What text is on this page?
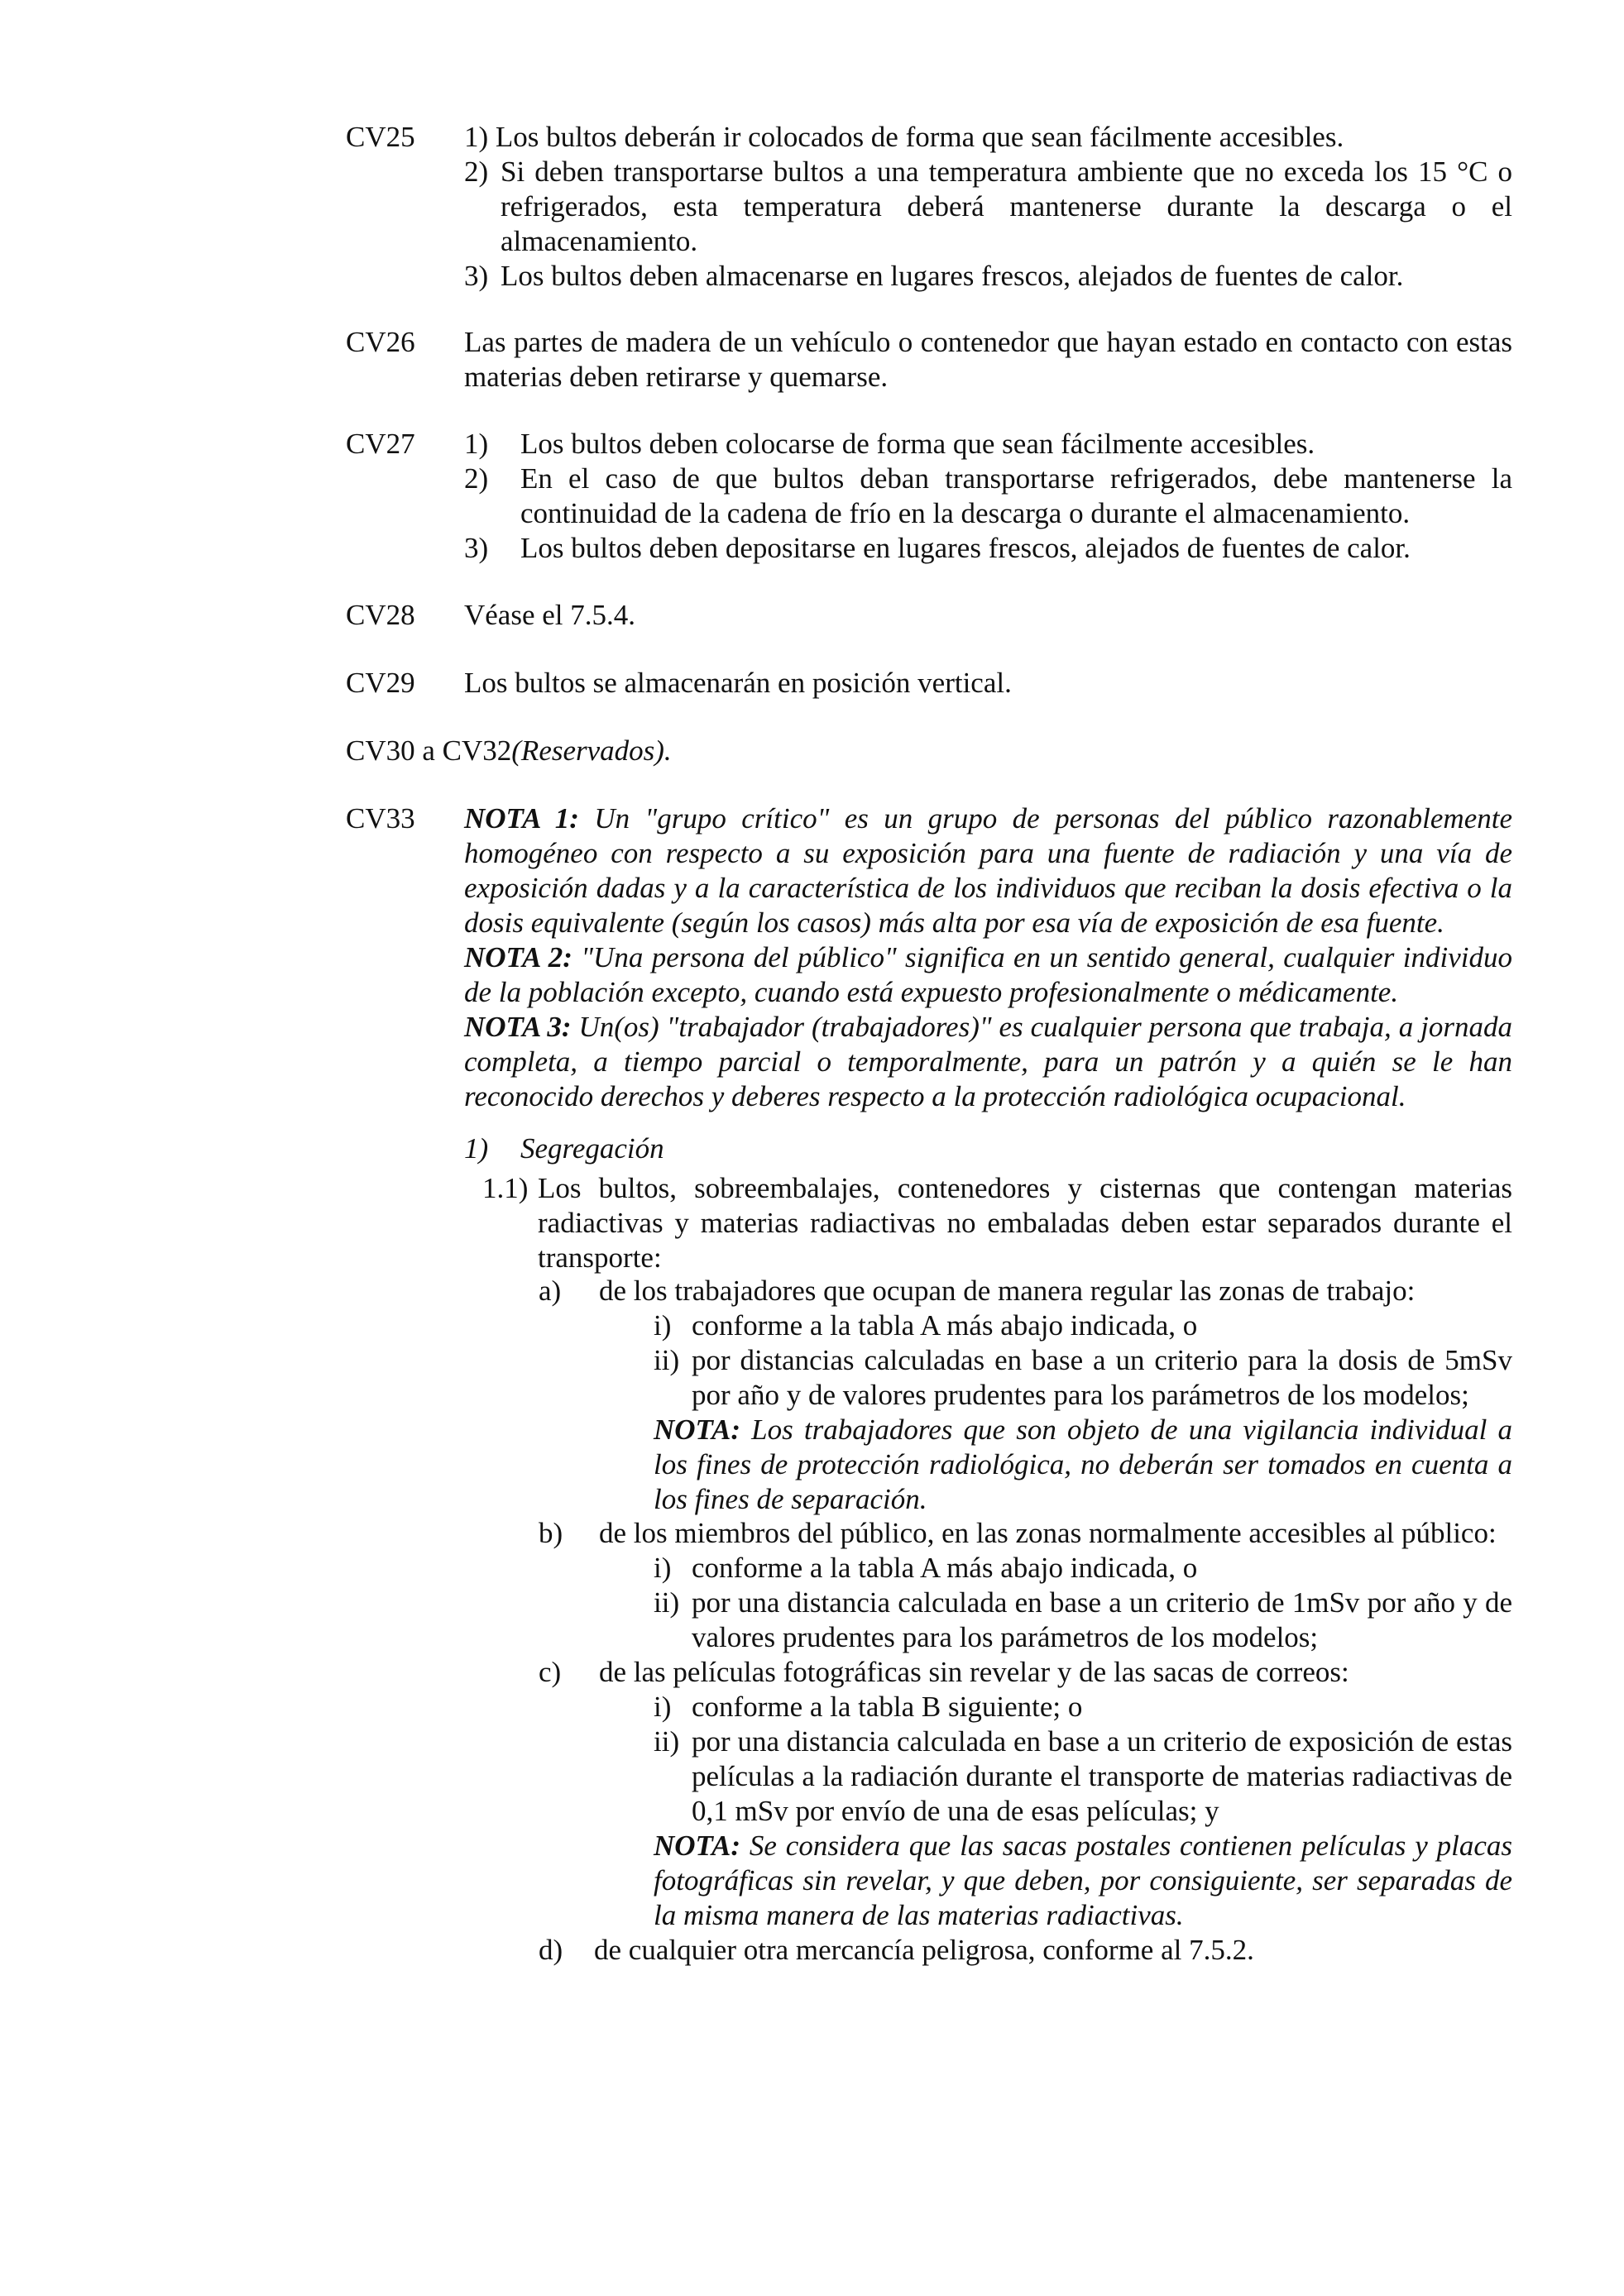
CV25 1) Los bultos deberán ir colocados de forma que sean fácilmente accesibles.
2) Si deben transportarse bultos a una temperatura ambiente que no exceda los 15 °C o refrigerados, esta temperatura deberá mantenerse durante la descarga o el almacenamiento.
3) Los bultos deben almacenarse en lugares frescos, alejados de fuentes de calor.
CV26 Las partes de madera de un vehículo o contenedor que hayan estado en contacto con estas materias deben retirarse y quemarse.
CV27 1) Los bultos deben colocarse de forma que sean fácilmente accesibles.
2) En el caso de que bultos deban transportarse refrigerados, debe mantenerse la continuidad de la cadena de frío en la descarga o durante el almacenamiento.
3) Los bultos deben depositarse en lugares frescos, alejados de fuentes de calor.
CV28 Véase el 7.5.4.
CV29 Los bultos se almacenarán en posición vertical.
CV30 a CV32(Reservados).
CV33 NOTA 1: Un "grupo crítico" es un grupo de personas del público razonablemente homogéneo con respecto a su exposición para una fuente de radiación y una vía de exposición dadas y a la característica de los individuos que reciban la dosis efectiva o la dosis equivalente (según los casos) más alta por esa vía de exposición de esa fuente.
NOTA 2: "Una persona del público" significa en un sentido general, cualquier individuo de la población excepto, cuando está expuesto profesionalmente o médicamente.
NOTA 3: Un(os) "trabajador (trabajadores)" es cualquier persona que trabaja, a jornada completa, a tiempo parcial o temporalmente, para un patrón y a quién se le han reconocido derechos y deberes respecto a la protección radiológica ocupacional.
1) Segregación
1.1) Los bultos, sobreembalajes, contenedores y cisternas que contengan materias radiactivas y materias radiactivas no embaladas deben estar separados durante el transporte:
a) de los trabajadores que ocupan de manera regular las zonas de trabajo:
i) conforme a la tabla A más abajo indicada, o
ii) por distancias calculadas en base a un criterio para la dosis de 5mSv por año y de valores prudentes para los parámetros de los modelos;
NOTA: Los trabajadores que son objeto de una vigilancia individual a los fines de protección radiológica, no deberán ser tomados en cuenta a los fines de separación.
b) de los miembros del público, en las zonas normalmente accesibles al público:
i) conforme a la tabla A más abajo indicada, o
ii) por una distancia calculada en base a un criterio de 1mSv por año y de valores prudentes para los parámetros de los modelos;
c) de las películas fotográficas sin revelar y de las sacas de correos:
i) conforme a la tabla B siguiente; o
ii) por una distancia calculada en base a un criterio de exposición de estas películas a la radiación durante el transporte de materias radiactivas de 0,1 mSv por envío de una de esas películas; y
NOTA: Se considera que las sacas postales contienen películas y placas fotográficas sin revelar, y que deben, por consiguiente, ser separadas de la misma manera de las materias radiactivas.
d) de cualquier otra mercancía peligrosa, conforme al 7.5.2.
